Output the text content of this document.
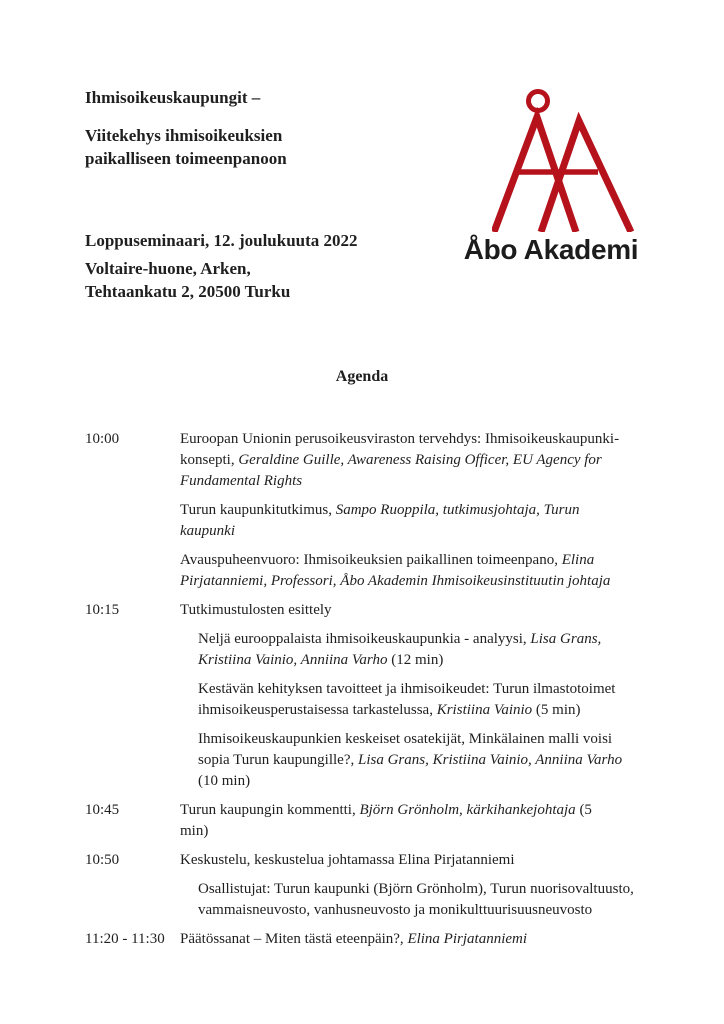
Ihmisoikeuskaupungit –
Viitekehys ihmisoikeuksien
paikalliseen toimeenpanoon
Åbo Akademi
Loppuseminaari, 12. joulukuuta 2022
Voltaire-huone, Arken,
Tehtaankatu 2, 20500 Turku
Agenda
10:00	Euroopan Unionin perusoikeusviraston tervehdys: Ihmisoikeuskaupunki-konsepti, Geraldine Guille, Awareness Raising Officer, EU Agency for Fundamental Rights

Turun kaupunkitutkimus, Sampo Ruoppila, tutkimusjohtaja, Turun kaupunki

Avauspuheenvuoro: Ihmisoikeuksien paikallinen toimeenpano, Elina Pirjatanniemi, Professori, Åbo Akademin Ihmisoikeusinstituutin johtaja

10:15	Tutkimustulosten esittely

Neljä eurooppalaista ihmisoikeuskaupunkia - analyysi, Lisa Grans, Kristiina Vainio, Anniina Varho (12 min)

Kestävän kehityksen tavoitteet ja ihmisoikeudet: Turun ilmastotoimet ihmisoikeusperustaisessa tarkastelussa, Kristiina Vainio (5 min)

Ihmisoikeuskaupunkien keskeiset osatekijät, Minkälainen malli voisi sopia Turun kaupungille?, Lisa Grans, Kristiina Vainio, Anniina Varho (10 min)

10:45	Turun kaupungin kommentti, Björn Grönholm, kärkihankejohtaja (5 min)

10:50	Keskustelu, keskustelua johtamassa Elina Pirjatanniemi

Osallistujat: Turun kaupunki (Björn Grönholm), Turun nuorisovaltuusto, vammaisneuvosto, vanhusneuvosto ja monikulttuurisuusneuvosto

11:20 - 11:30	Päätössanat – Miten tästä eteenpäin?, Elina Pirjatanniemi
